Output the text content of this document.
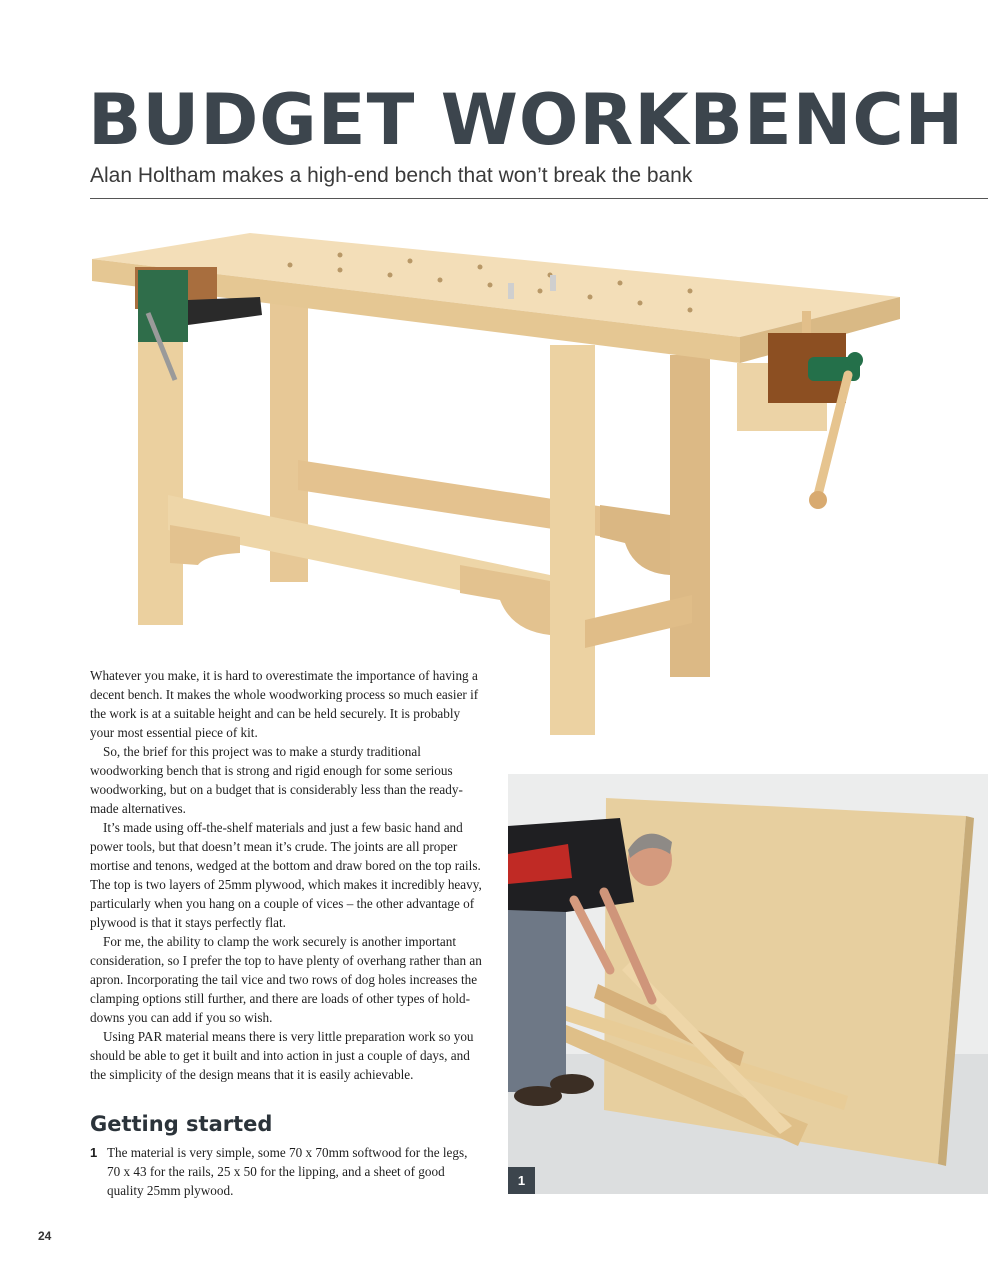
BUDGET WORKBENCH
Alan Holtham makes a high-end bench that won’t break the bank

Whatever you make, it is hard to overestimate the importance of having a decent bench. It makes the whole woodworking process so much easier if the work is at a suitable height and can be held securely. It is probably your most essential piece of kit.

So, the brief for this project was to make a sturdy traditional woodworking bench that is strong and rigid enough for some serious woodworking, but on a budget that is considerably less than the ready-made alternatives.

It’s made using off-the-shelf materials and just a few basic hand and power tools, but that doesn’t mean it’s crude. The joints are all proper mortise and tenons, wedged at the bottom and draw bored on the top rails. The top is two layers of 25mm plywood, which makes it incredibly heavy, particularly when you hang on a couple of vices – the other advantage of plywood is that it stays perfectly flat.

For me, the ability to clamp the work securely is another important consideration, so I prefer the top to have plenty of overhang rather than an apron. Incorporating the tail vice and two rows of dog holes increases the clamping options still further, and there are loads of other types of hold-downs you can add if you so wish.

Using PAR material means there is very little preparation work so you should be able to get it built and into action in just a couple of days, and the simplicity of the design means that it is easily achievable.

1
Getting started
1 The material is very simple, some 70 x 70mm softwood for the legs, 70 x 43 for the rails, 25 x 50 for the lipping, and a sheet of good quality 25mm plywood.
24
